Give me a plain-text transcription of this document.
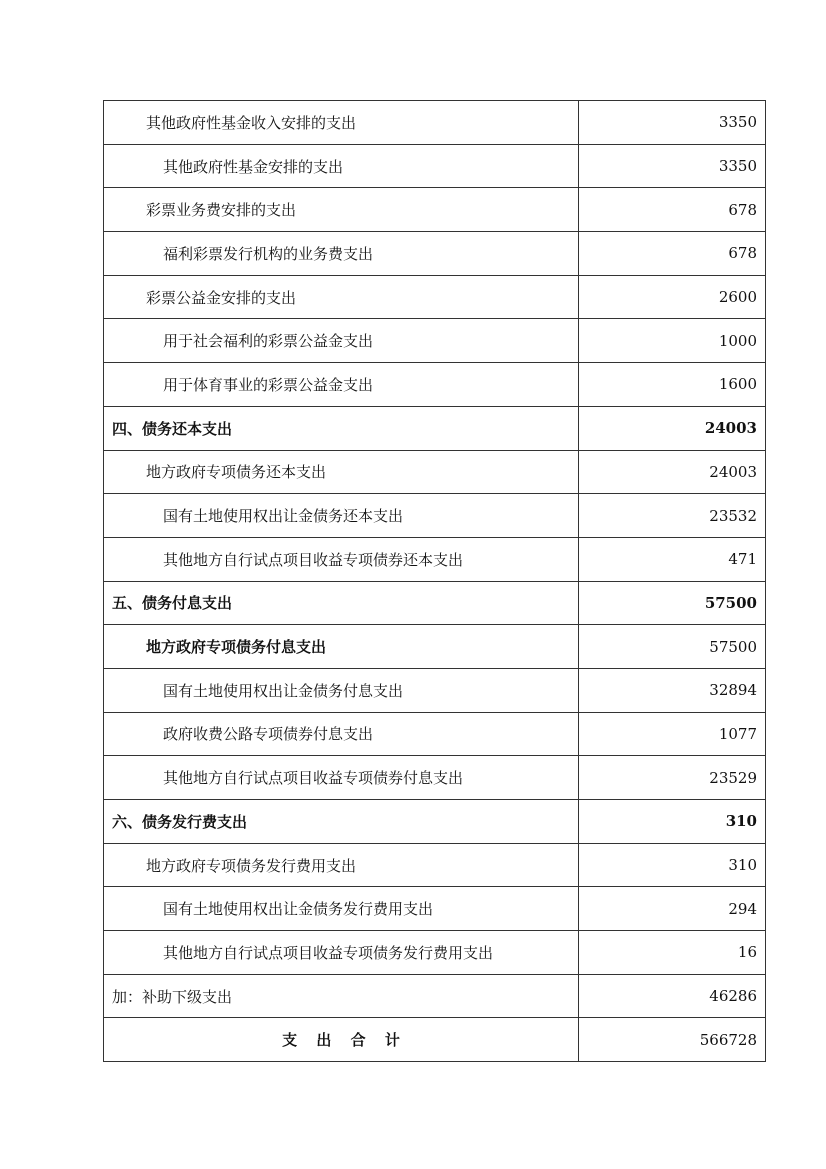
其他政府性基金收入安排的支出	3350
其他政府性基金安排的支出	3350
彩票业务费安排的支出	678
福利彩票发行机构的业务费支出	678
彩票公益金安排的支出	2600
用于社会福利的彩票公益金支出	1000
用于体育事业的彩票公益金支出	1600
四、债务还本支出	24003
地方政府专项债务还本支出	24003
国有土地使用权出让金债务还本支出	23532
其他地方自行试点项目收益专项债券还本支出	471
五、债务付息支出	57500
地方政府专项债务付息支出	57500
国有土地使用权出让金债务付息支出	32894
政府收费公路专项债券付息支出	1077
其他地方自行试点项目收益专项债券付息支出	23529
六、债务发行费支出	310
地方政府专项债务发行费用支出	310
国有土地使用权出让金债务发行费用支出	294
其他地方自行试点项目收益专项债务发行费用支出	16
加：补助下级支出	46286
支 出 合 计	566728
